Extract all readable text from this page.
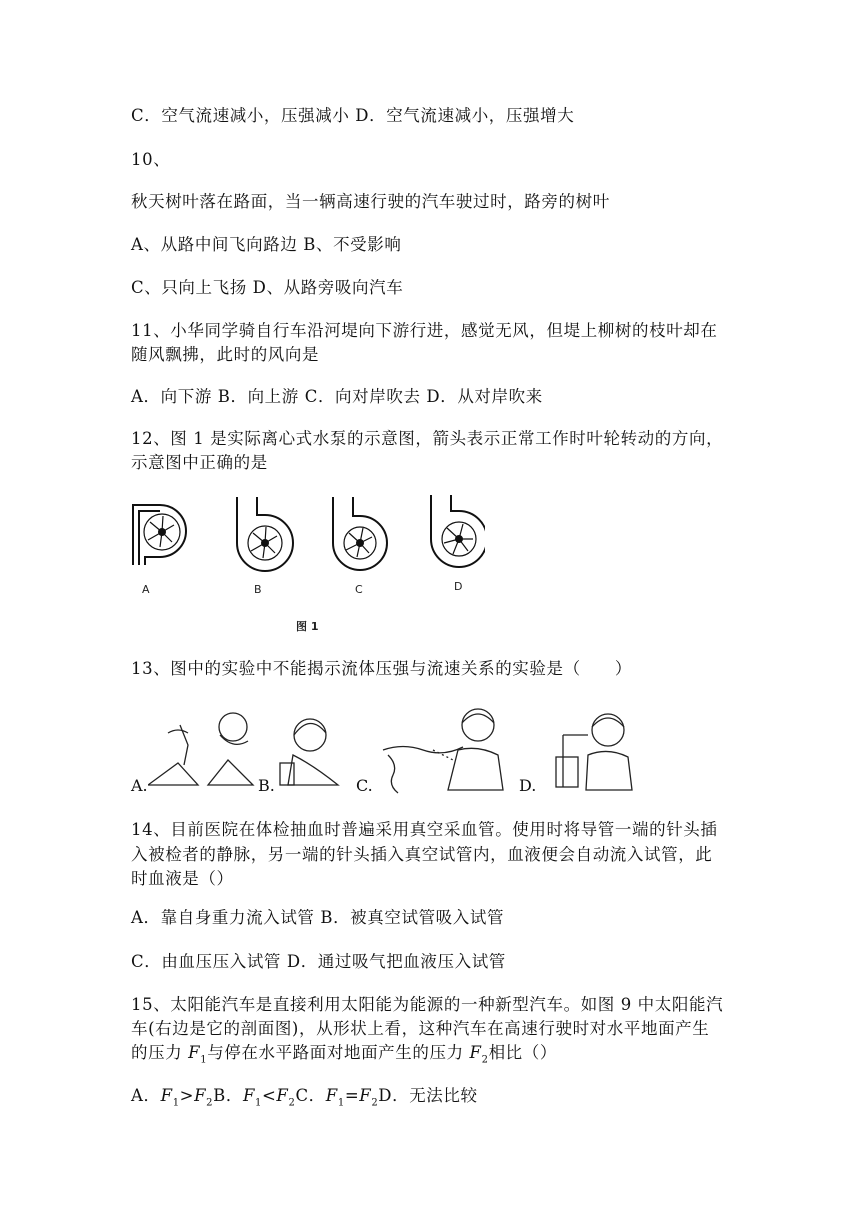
C．空气流速减小，压强减小 D．空气流速减小，压强增大
10、
秋天树叶落在路面，当一辆高速行驶的汽车驶过时，路旁的树叶
A、从路中间飞向路边 B、不受影响
C、只向上飞扬 D、从路旁吸向汽车
11、小华同学骑自行车沿河堤向下游行进，感觉无风，但堤上柳树的枝叶却在
随风飘拂，此时的风向是
A．向下游 B．向上游 C．向对岸吹去 D．从对岸吹来
12、图 1 是实际离心式水泵的示意图，箭头表示正常工作时叶轮转动的方向，
示意图中正确的是
A	B	C	D
图 1
13、图中的实验中不能揭示流体压强与流速关系的实验是（　　）
A.	B.	C.	D.
14、目前医院在体检抽血时普遍采用真空采血管。使用时将导管一端的针头插
入被检者的静脉，另一端的针头插入真空试管内，血液便会自动流入试管，此
时血液是（）
A．靠自身重力流入试管 B．被真空试管吸入试管
C．由血压压入试管 D．通过吸气把血液压入试管
15、太阳能汽车是直接利用太阳能为能源的一种新型汽车。如图 9 中太阳能汽
车(右边是它的剖面图)，从形状上看，这种汽车在高速行驶时对水平地面产生
的压力 $F_1$与停在水平路面对地面产生的压力 $F_2$相比（）
A．$F_1>F_2B$．$F_1<F_2C$．$F_1=F_2D$．无法比较
